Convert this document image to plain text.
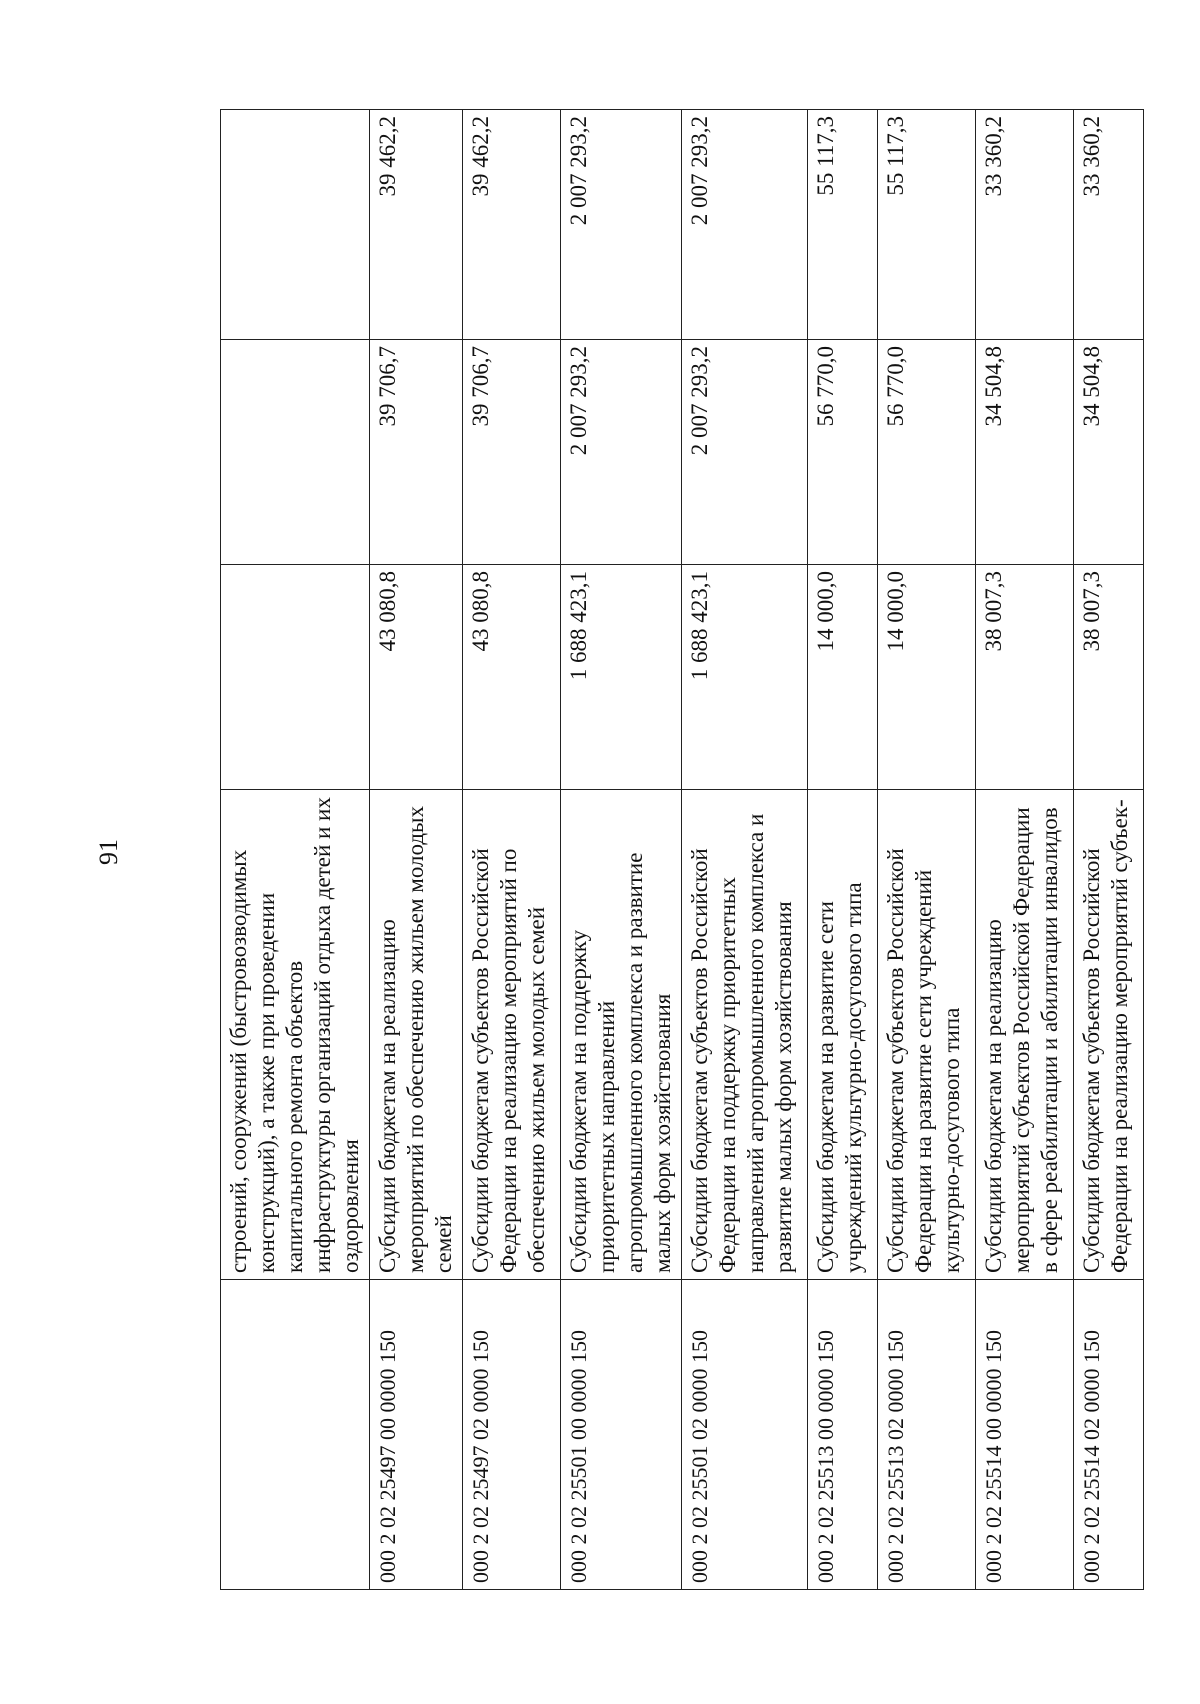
91
		строений, сооружений (быстровозводимых конструкций), а также при проведении капитального ремонта объектов инфраструктуры организаций отдыха детей и их оздоровления			
000 2 02 25497 00 0000 150	Субсидии бюджетам на реализацию мероприятий по обеспечению жильем молодых семей	43 080,8	39 706,7	39 462,2
000 2 02 25497 02 0000 150	Субсидии бюджетам субъектов Российской Федерации на реализацию мероприятий по обеспечению жильем молодых семей	43 080,8	39 706,7	39 462,2
000 2 02 25501 00 0000 150	Субсидии бюджетам на поддержку приоритетных направлений агропромышленного комплекса и развитие малых форм хозяйствования	1 688 423,1	2 007 293,2	2 007 293,2
000 2 02 25501 02 0000 150	Субсидии бюджетам субъектов Российской Федерации на поддержку приоритетных направлений агропромышленного комплекса и развитие малых форм хозяйствования	1 688 423,1	2 007 293,2	2 007 293,2
000 2 02 25513 00 0000 150	Субсидии бюджетам на развитие сети учреждений культурно-досугового типа	14 000,0	56 770,0	55 117,3
000 2 02 25513 02 0000 150	Субсидии бюджетам субъектов Российской Федерации на развитие сети учреждений культурно-досугового типа	14 000,0	56 770,0	55 117,3
000 2 02 25514 00 0000 150	Субсидии бюджетам на реализацию мероприятий субъектов Российской Федерации в сфере реабилитации и абилитации инвалидов	38 007,3	34 504,8	33 360,2
000 2 02 25514 02 0000 150	Субсидии бюджетам субъектов Российской Федерации на реализацию мероприятий субъек-	38 007,3	34 504,8	33 360,2
